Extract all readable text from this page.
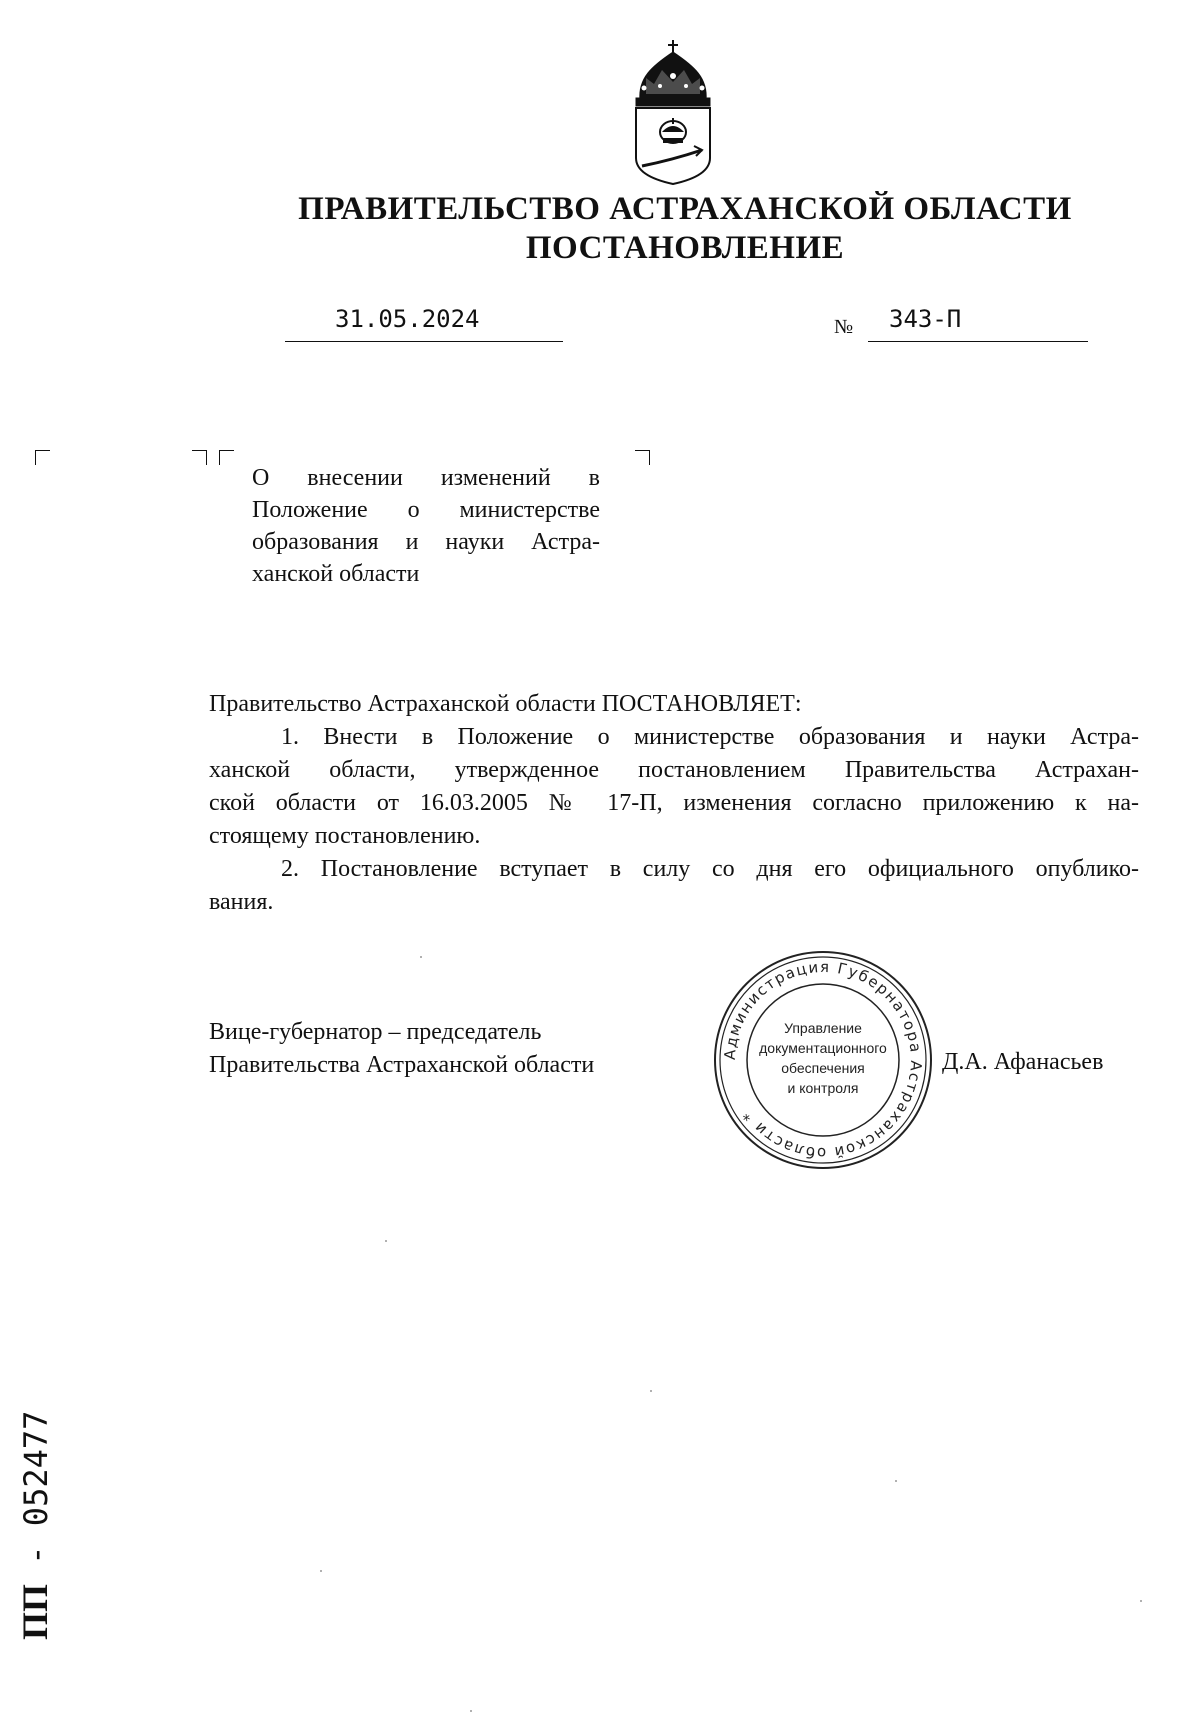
ПРАВИТЕЛЬСТВО АСТРАХАНСКОЙ ОБЛАСТИ
ПОСТАНОВЛЕНИЕ
31.05.2024	№ 343-П
О внесении изменений в
Положение о министерстве
образования и науки Астра-
ханской области
Правительство Астраханской области ПОСТАНОВЛЯЕТ:
1. Внести в Положение о министерстве образования и науки Астра-
ханской области, утвержденное постановлением Правительства Астрахан-
ской области от 16.03.2005 № 17-П, изменения согласно приложению к на-
стоящему постановлению.
2. Постановление вступает в силу со дня его официального опублико-
вания.
Вице-губернатор – председатель
Правительства Астраханской области	Д.А. Афанасьев
Администрация Губернатора Астраханской области *
Управление
документационного
обеспечения
и контроля
ПП - 052477
